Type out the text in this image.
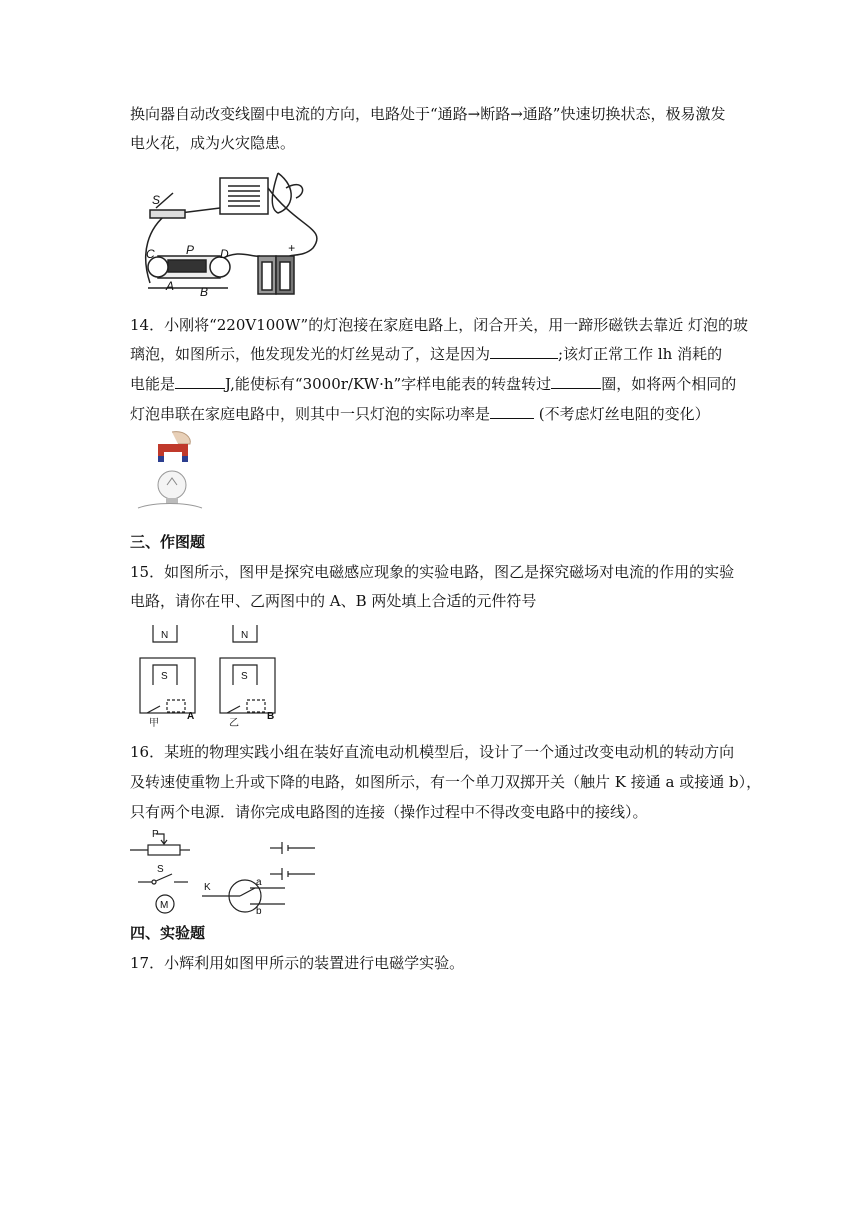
换向器自动改变线圈中电流的方向，电路处于“通路→断路→通路”快速切换状态，极易激发
电火花，成为火灾隐患。
S
P
C	D
A B
+
−
14．小刚将“220V100W”的灯泡接在家庭电路上，闭合开关，用一蹄形磁铁去靠近 灯泡的玻
璃泡，如图所示，他发现发光的灯丝晃动了，这是因为	;该灯正常工作 lh 消耗的
电能是	J,能使标有“3000r/KW·h”字样电能表的转盘转过	圈，如将两个相同的
灯泡串联在家庭电路中，则其中一只灯泡的实际功率是	(不考虑灯丝电阻的变化）
三、作图题
15．如图所示，图甲是探究电磁感应现象的实验电路，图乙是探究磁场对电流的作用的实验
电路，请你在甲、乙两图中的 A、B 两处填上合适的元件符号
N
S
甲
A
N
S
乙
B
16．某班的物理实践小组在装好直流电动机模型后，设计了一个通过改变电动机的转动方向
及转速使重物上升或下降的电路，如图所示，有一个单刀双掷开关（触片 K 接通 a 或接通 b），
只有两个电源．请你完成电路图的连接（操作过程中不得改变电路中的接线）。
P
S
M
K	a
b
四、实验题
17．小辉利用如图甲所示的装置进行电磁学实验。
